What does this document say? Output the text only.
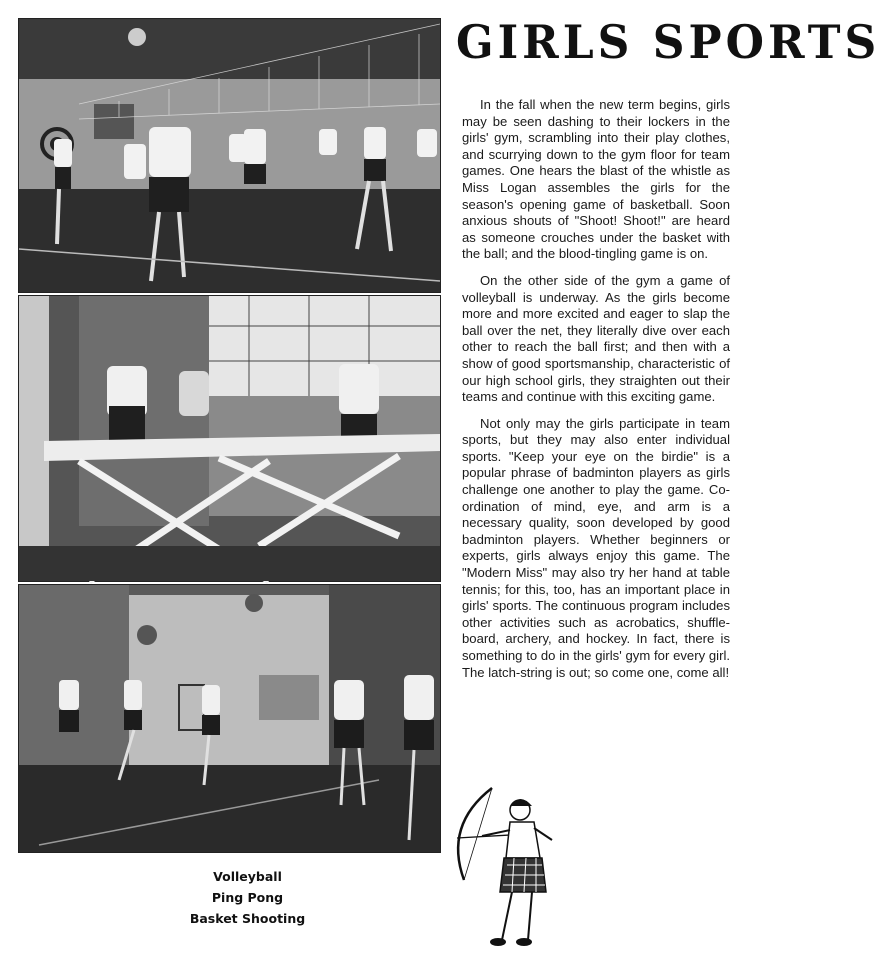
GIRLS SPORTS

In the fall when the new term begins, girls may be seen dashing to their lockers in the girls' gym, scrambling into their play clothes, and scurrying down to the gym floor for team games. One hears the blast of the whistle as Miss Logan assembles the girls for the season's opening game of basketball. Soon anxious shouts of "Shoot! Shoot!" are heard as someone crouches under the basket with the ball; and the blood-tingling game is on.

On the other side of the gym a game of volleyball is underway. As the girls become more and more excited and eager to slap the ball over the net, they literally dive over each other to reach the ball first; and then with a show of good sportsmanship, characteristic of our high school girls, they straighten out their teams and continue with this exciting game.

Not only may the girls participate in team sports, but they may also enter individual sports. "Keep your eye on the birdie" is a popular phrase of badminton players as girls challenge one another to play the game. Co-ordination of mind, eye, and arm is a necessary quality, soon developed by good badminton players. Whether beginners or experts, girls always enjoy this game. The "Modern Miss" may also try her hand at table tennis; for this, too, has an important place in girls' sports. The continuous program includes other activities such as acrobatics, shuffle-board, archery, and hockey. In fact, there is something to do in the girls' gym for every girl. The latch-string is out; so come one, come all!

Volleyball
Ping Pong
Basket Shooting
